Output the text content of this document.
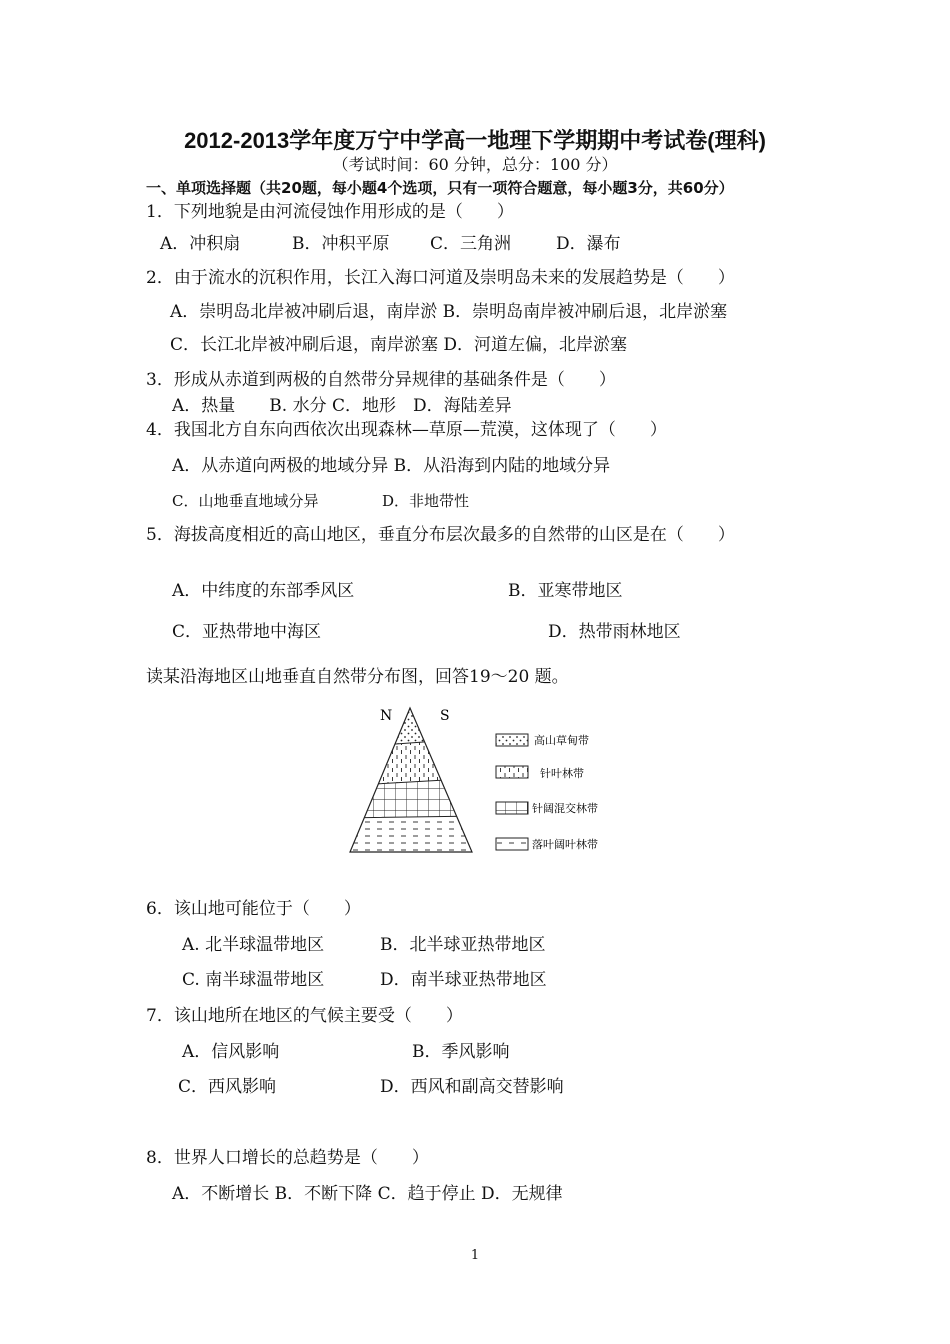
2012-2013学年度万宁中学高一地理下学期期中考试卷(理科)
（考试时间：60 分钟，总分：100 分）
一、单项选择题（共20题，每小题4个选项，只有一项符合题意，每小题3分，共60分）
1．下列地貌是由河流侵蚀作用形成的是（　　）
A．冲积扇	B．冲积平原 C．三角洲	D．瀑布
2．由于流水的沉积作用，长江入海口河道及崇明岛未来的发展趋势是（　　）
A．崇明岛北岸被冲刷后退，南岸淤 B．崇明岛南岸被冲刷后退，北岸淤塞
C．长江北岸被冲刷后退，南岸淤塞 D．河道左偏，北岸淤塞
3．形成从赤道到两极的自然带分异规律的基础条件是（　　）
A．热量　　B. 水分 C．地形　D．海陆差异
4．我国北方自东向西依次出现森林—草原—荒漠，这体现了（　　）
A．从赤道向两极的地域分异 B．从沿海到内陆的地域分异
C．山地垂直地域分异	D．非地带性
5．海拔高度相近的高山地区，垂直分布层次最多的自然带的山区是在（　　）
A．中纬度的东部季风区	B．亚寒带地区
C．亚热带地中海区	D．热带雨林地区
读某沿海地区山地垂直自然带分布图，回答19～20 题。
N	S
高山草甸带
针叶林带
针阔混交林带
落叶阔叶林带
6．该山地可能位于（　　）
A. 北半球温带地区	B．北半球亚热带地区
C. 南半球温带地区	D．南半球亚热带地区
7．该山地所在地区的气候主要受（　　）
A．信风影响	B．季风影响
C．西风影响	D．西风和副高交替影响
8．世界人口增长的总趋势是（　　）
A．不断增长 B．不断下降 C．趋于停止 D．无规律
1
